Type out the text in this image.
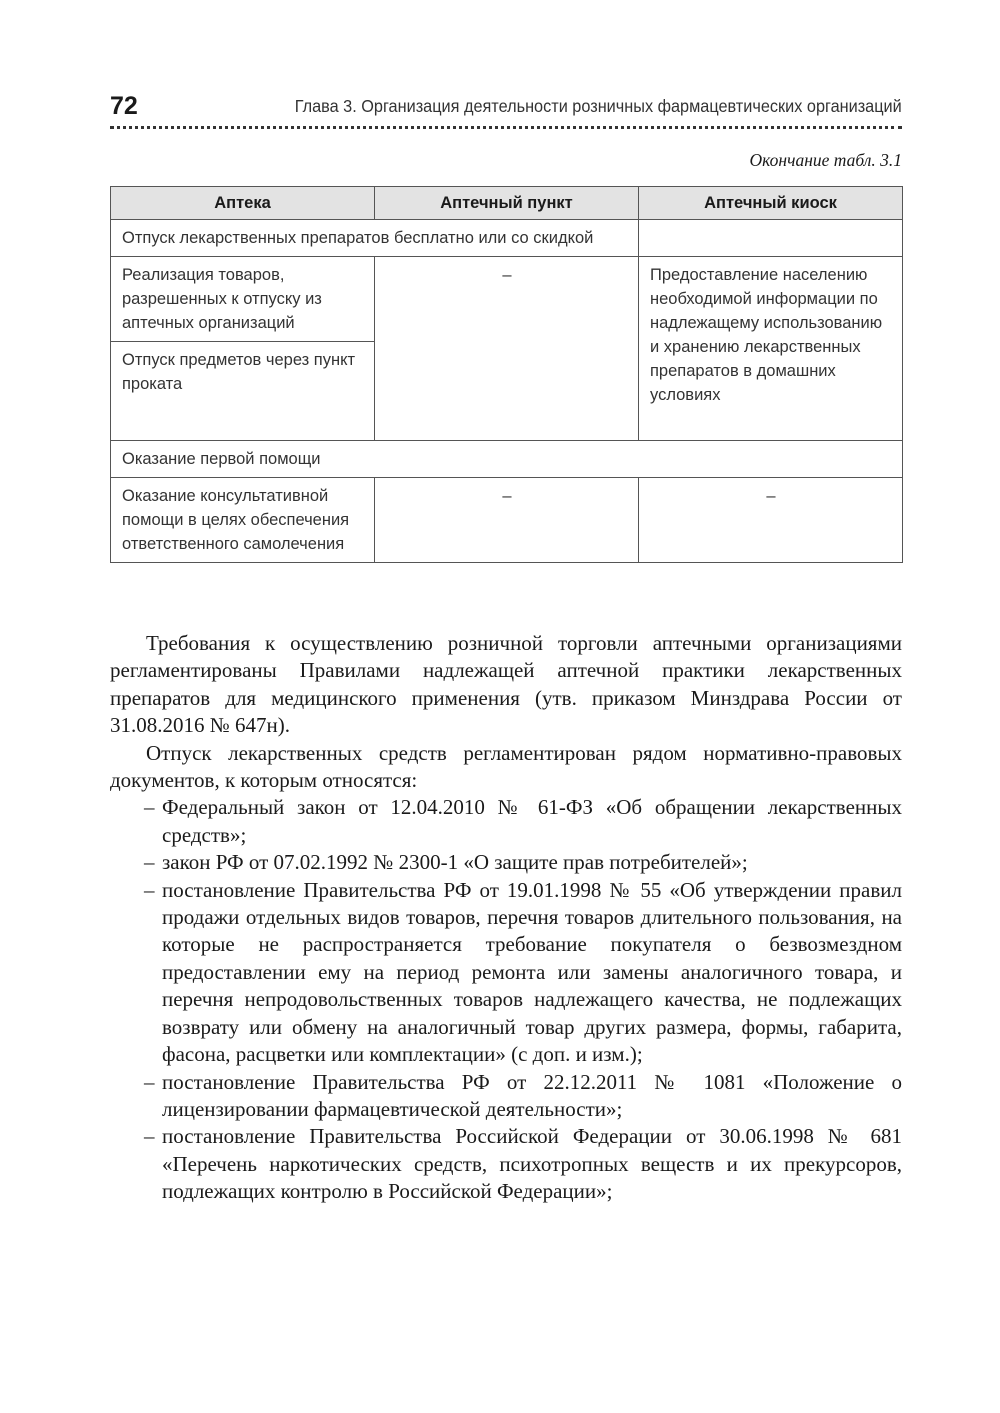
72	Глава 3. Организация деятельности розничных фармацевтических организаций
Окончание табл. 3.1
Аптека	Аптечный пункт	Аптечный киоск
Отпуск лекарственных препаратов бесплатно или со скидкой		
Реализация товаров, разрешенных к отпуску из аптечных организаций	–	Предоставление населению необходимой информации по надлежащему использованию и хранению лекарственных препаратов в домашних условиях
Отпуск предметов через пункт проката		
Оказание первой помощи		
Оказание консультативной помощи в целях обеспечения ответственного самолечения	–	–

Требования к осуществлению розничной торговли аптечными организациями регламентированы Правилами надлежащей аптечной практики лекарственных препаратов для медицинского применения (утв. приказом Минздрава России от 31.08.2016 № 647н).

Отпуск лекарственных средств регламентирован рядом нормативно-правовых документов, к которым относятся:

– Федеральный закон от 12.04.2010 № 61-ФЗ «Об обращении лекарственных средств»;
– закон РФ от 07.02.1992 № 2300-1 «О защите прав потребителей»;
– постановление Правительства РФ от 19.01.1998 № 55 «Об утверждении правил продажи отдельных видов товаров, перечня товаров длительного пользования, на которые не распространяется требование покупателя о безвозмездном предоставлении ему на период ремонта или замены аналогичного товара, и перечня непродовольственных товаров надлежащего качества, не подлежащих возврату или обмену на аналогичный товар других размера, формы, габарита, фасона, расцветки или комплектации» (с доп. и изм.);
– постановление Правительства РФ от 22.12.2011 № 1081 «Положение о лицензировании фармацевтической деятельности»;
– постановление Правительства Российской Федерации от 30.06.1998 № 681 «Перечень наркотических средств, психотропных веществ и их прекурсоров, подлежащих контролю в Российской Федерации»;
